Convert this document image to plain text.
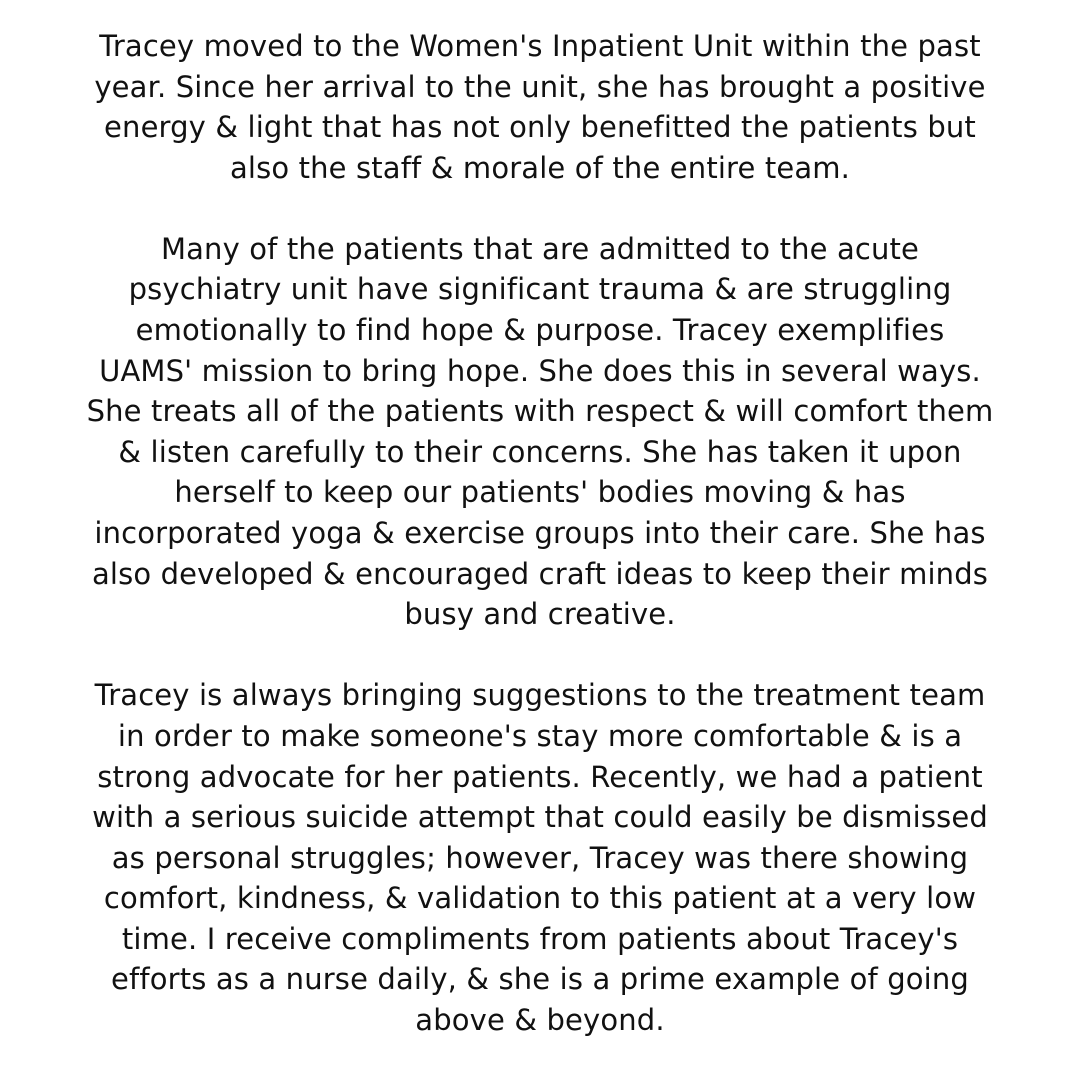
Tracey moved to the Women's Inpatient Unit within the past
year. Since her arrival to the unit, she has brought a positive
energy & light that has not only benefitted the patients but
also the staff & morale of the entire team.

Many of the patients that are admitted to the acute
psychiatry unit have significant trauma & are struggling
emotionally to find hope & purpose. Tracey exemplifies
UAMS' mission to bring hope. She does this in several ways.
She treats all of the patients with respect & will comfort them
& listen carefully to their concerns. She has taken it upon
herself to keep our patients' bodies moving & has
incorporated yoga & exercise groups into their care. She has
also developed & encouraged craft ideas to keep their minds
busy and creative.

Tracey is always bringing suggestions to the treatment team
in order to make someone's stay more comfortable & is a
strong advocate for her patients. Recently, we had a patient
with a serious suicide attempt that could easily be dismissed
as personal struggles; however, Tracey was there showing
comfort, kindness, & validation to this patient at a very low
time. I receive compliments from patients about Tracey's
efforts as a nurse daily, & she is a prime example of going
above & beyond.
